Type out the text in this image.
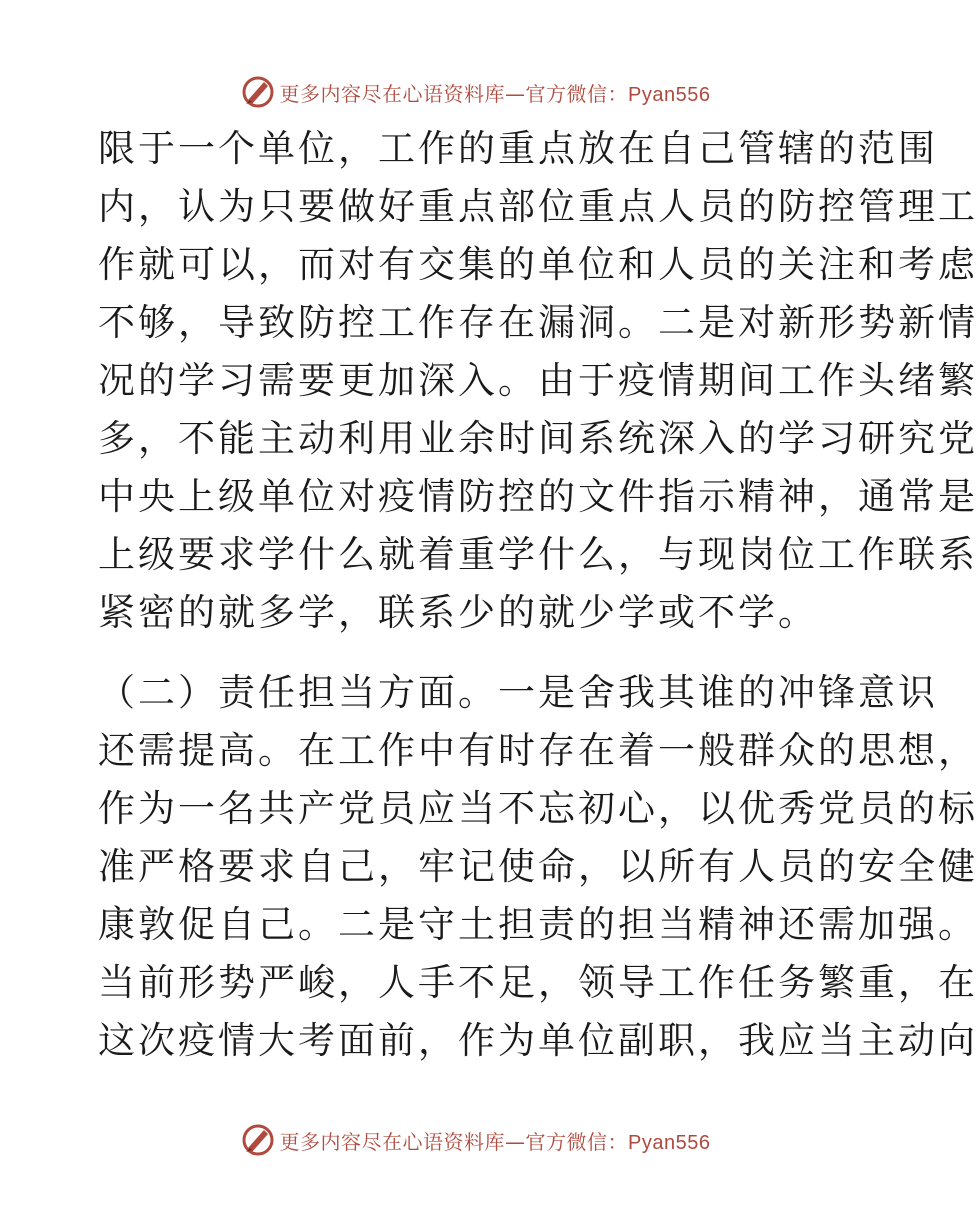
更多内容尽在心语资料库—官方微信：Pyan556
限于一个单位，工作的重点放在自己管辖的范围
内，认为只要做好重点部位重点人员的防控管理工
作就可以，而对有交集的单位和人员的关注和考虑
不够，导致防控工作存在漏洞。二是对新形势新情
况的学习需要更加深入。由于疫情期间工作头绪繁
多，不能主动利用业余时间系统深入的学习研究党
中央上级单位对疫情防控的文件指示精神，通常是
上级要求学什么就着重学什么，与现岗位工作联系
紧密的就多学，联系少的就少学或不学。
（二）责任担当方面。一是舍我其谁的冲锋意识
还需提高。在工作中有时存在着一般群众的思想，
作为一名共产党员应当不忘初心，以优秀党员的标
准严格要求自己，牢记使命，以所有人员的安全健
康敦促自己。二是守土担责的担当精神还需加强。
当前形势严峻，人手不足，领导工作任务繁重，在
这次疫情大考面前，作为单位副职，我应当主动向
更多内容尽在心语资料库—官方微信：Pyan556
